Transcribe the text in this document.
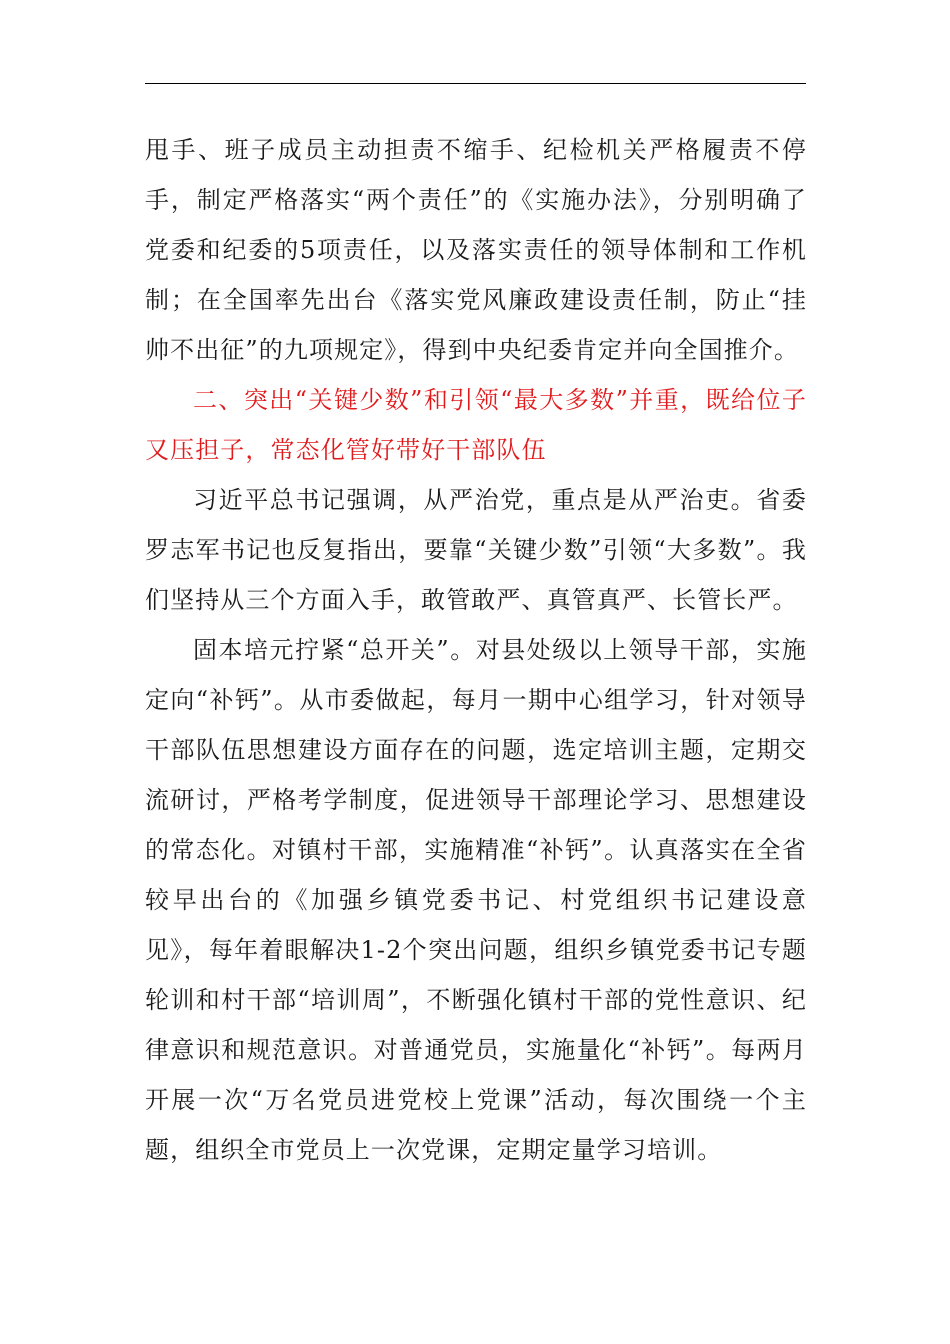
甩手、班子成员主动担责不缩手、纪检机关严格履责不停手，制定严格落实“两个责任”的《实施办法》，分别明确了党委和纪委的5项责任，以及落实责任的领导体制和工作机制；在全国率先出台《落实党风廉政建设责任制，防止“挂帅不出征”的九项规定》，得到中央纪委肯定并向全国推介。

二、突出“关键少数”和引领“最大多数”并重，既给位子又压担子，常态化管好带好干部队伍

习近平总书记强调，从严治党，重点是从严治吏。省委罗志军书记也反复指出，要靠“关键少数”引领“大多数”。我们坚持从三个方面入手，敢管敢严、真管真严、长管长严。

固本培元拧紧“总开关”。对县处级以上领导干部，实施定向“补钙”。从市委做起，每月一期中心组学习，针对领导干部队伍思想建设方面存在的问题，选定培训主题，定期交流研讨，严格考学制度，促进领导干部理论学习、思想建设的常态化。对镇村干部，实施精准“补钙”。认真落实在全省较早出台的《加强乡镇党委书记、村党组织书记建设意见》，每年着眼解决1-2个突出问题，组织乡镇党委书记专题轮训和村干部“培训周”，不断强化镇村干部的党性意识、纪律意识和规范意识。对普通党员，实施量化“补钙”。每两月开展一次“万名党员进党校上党课”活动，每次围绕一个主题，组织全市党员上一次党课，定期定量学习培训。
